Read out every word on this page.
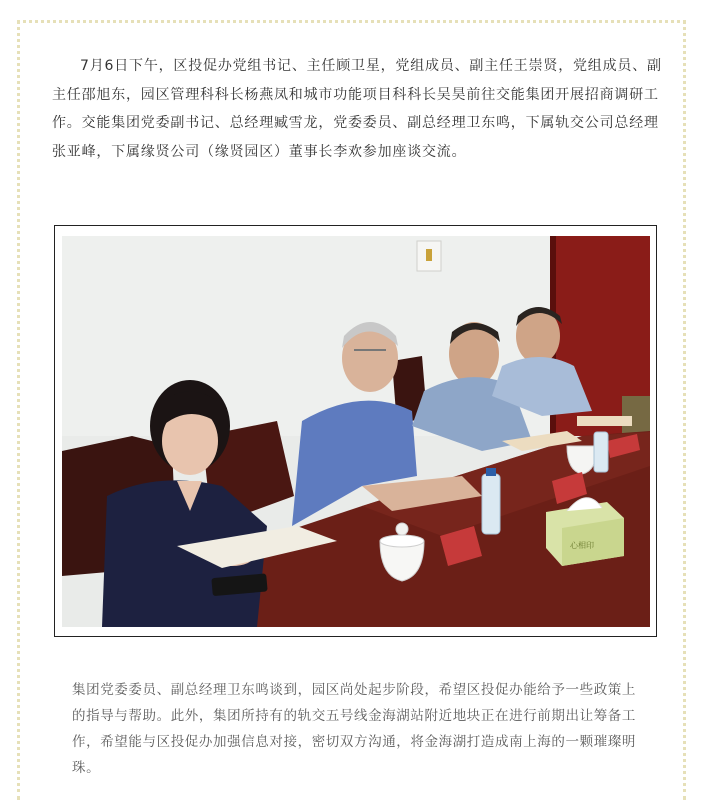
7月6日下午，区投促办党组书记、主任顾卫星，党组成员、副主任王崇贤，党组成员、副主任邵旭东，园区管理科科长杨燕凤和城市功能项目科科长吴昊前往交能集团开展招商调研工作。交能集团党委副书记、总经理臧雪龙，党委委员、副总经理卫东鸣，下属轨交公司总经理张亚峰，下属缘贤公司（缘贤园区）董事长李欢参加座谈交流。

心相印

集团党委委员、副总经理卫东鸣谈到，园区尚处起步阶段，希望区投促办能给予一些政策上的指导与帮助。此外，集团所持有的轨交五号线金海湖站附近地块正在进行前期出让筹备工作，希望能与区投促办加强信息对接，密切双方沟通，将金海湖打造成南上海的一颗璀璨明珠。
